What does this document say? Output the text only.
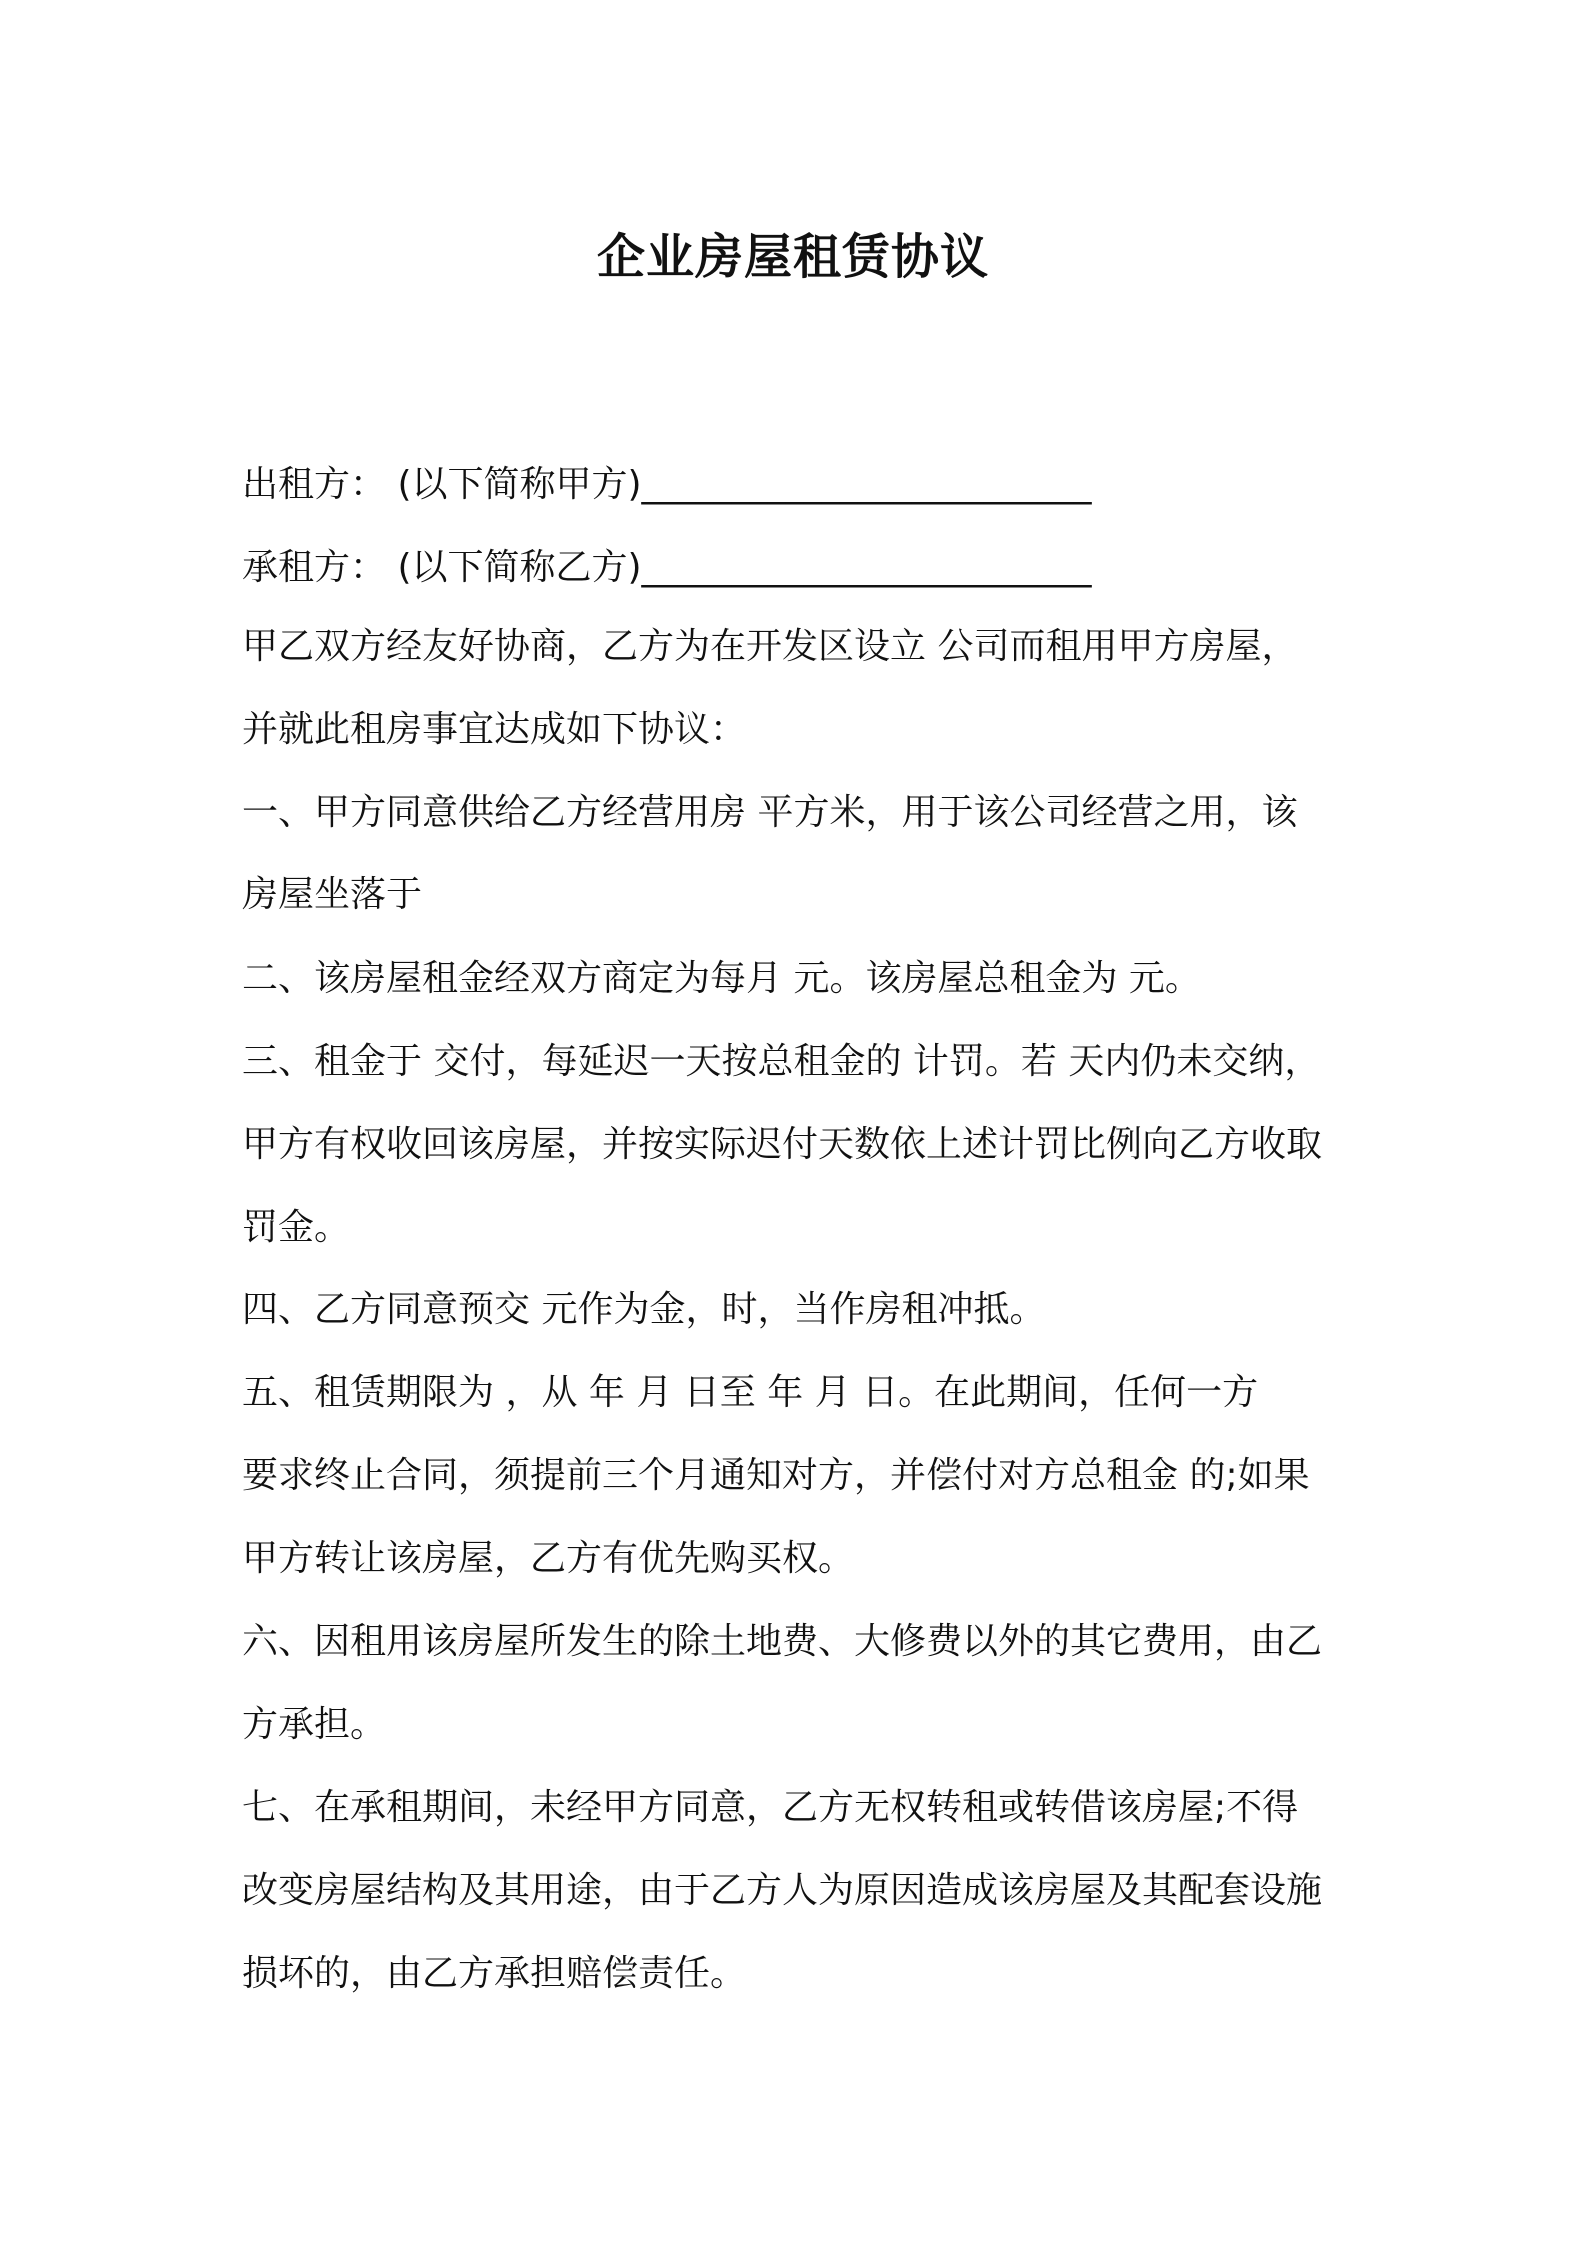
企业房屋租赁协议
出租方： (以下简称甲方)_________________________
承租方： (以下简称乙方)_________________________
甲乙双方经友好协商，乙方为在开发区设立 公司而租用甲方房屋，
并就此租房事宜达成如下协议：
一、甲方同意供给乙方经营用房 平方米，用于该公司经营之用，该
房屋坐落于
二、该房屋租金经双方商定为每月 元。该房屋总租金为 元。
三、租金于 交付，每延迟一天按总租金的 计罚。若 天内仍未交纳，
甲方有权收回该房屋，并按实际迟付天数依上述计罚比例向乙方收取
罚金。
四、乙方同意预交 元作为金，时，当作房租冲抵。
五、租赁期限为 ，从 年 月 日至 年 月 日。在此期间，任何一方
要求终止合同，须提前三个月通知对方，并偿付对方总租金 的;如果
甲方转让该房屋，乙方有优先购买权。
六、因租用该房屋所发生的除土地费、大修费以外的其它费用，由乙
方承担。
七、在承租期间，未经甲方同意，乙方无权转租或转借该房屋;不得
改变房屋结构及其用途，由于乙方人为原因造成该房屋及其配套设施
损坏的，由乙方承担赔偿责任。
